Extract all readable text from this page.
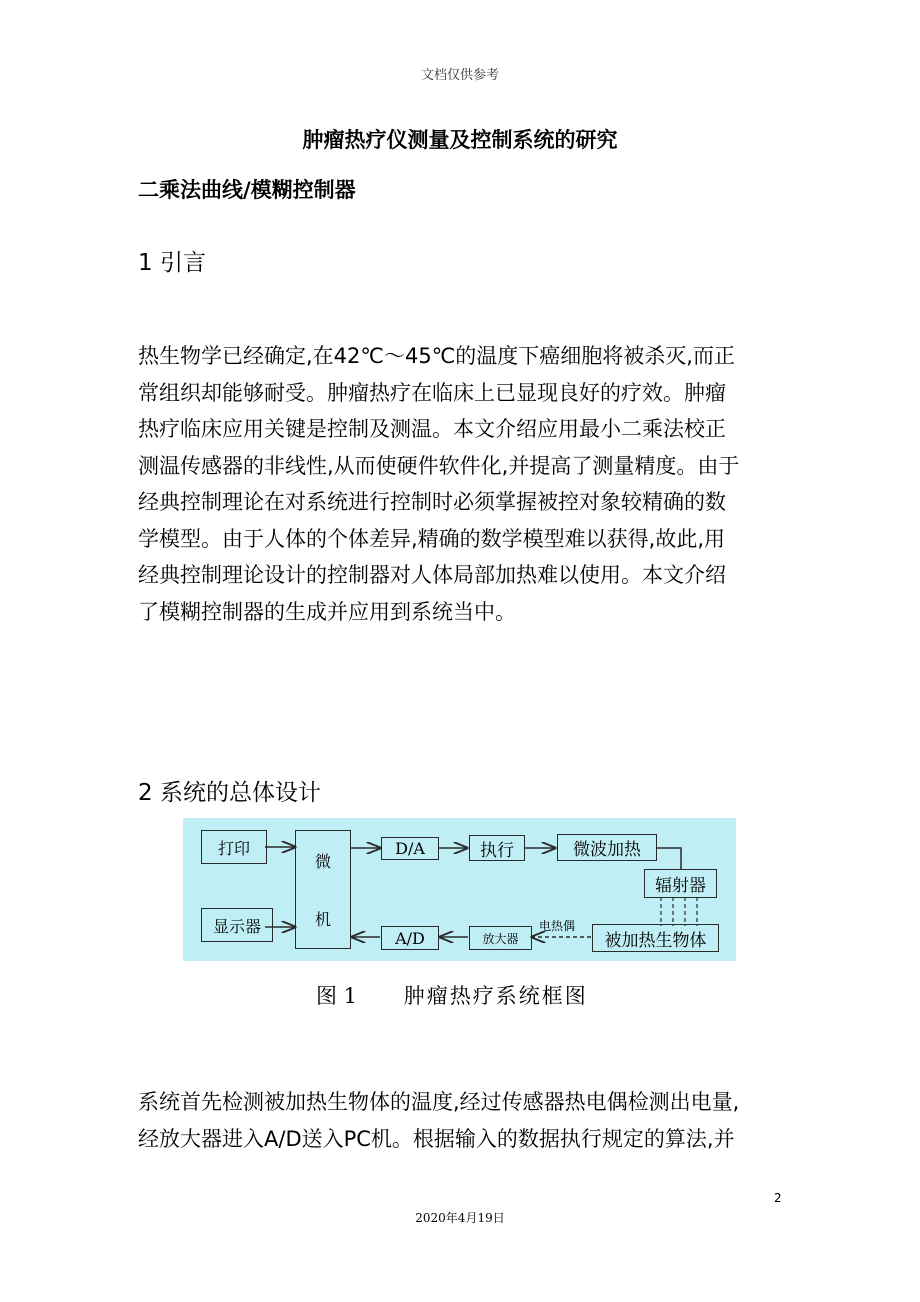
文档仅供参考
肿瘤热疗仪测量及控制系统的研究
二乘法曲线/模糊控制器
1 引言
热生物学已经确定,在42℃～45℃的温度下癌细胞将被杀灭,而正
常组织却能够耐受。肿瘤热疗在临床上已显现良好的疗效。肿瘤
热疗临床应用关键是控制及测温。本文介绍应用最小二乘法校正
测温传感器的非线性,从而使硬件软件化,并提高了测量精度。由于
经典控制理论在对系统进行控制时必须掌握被控对象较精确的数
学模型。由于人体的个体差异,精确的数学模型难以获得,故此,用
经典控制理论设计的控制器对人体局部加热难以使用。本文介绍
了模糊控制器的生成并应用到系统当中。
2 系统的总体设计
打印
显示器
微
机
D/A	执行	微波加热
辐射器
A/D	放大器
电热偶
被加热生物体
图 1 肿瘤热疗系统框图
系统首先检测被加热生物体的温度,经过传感器热电偶检测出电量,
经放大器进入A/D送入PC机。根据输入的数据执行规定的算法,并
2
2020年4月19日
